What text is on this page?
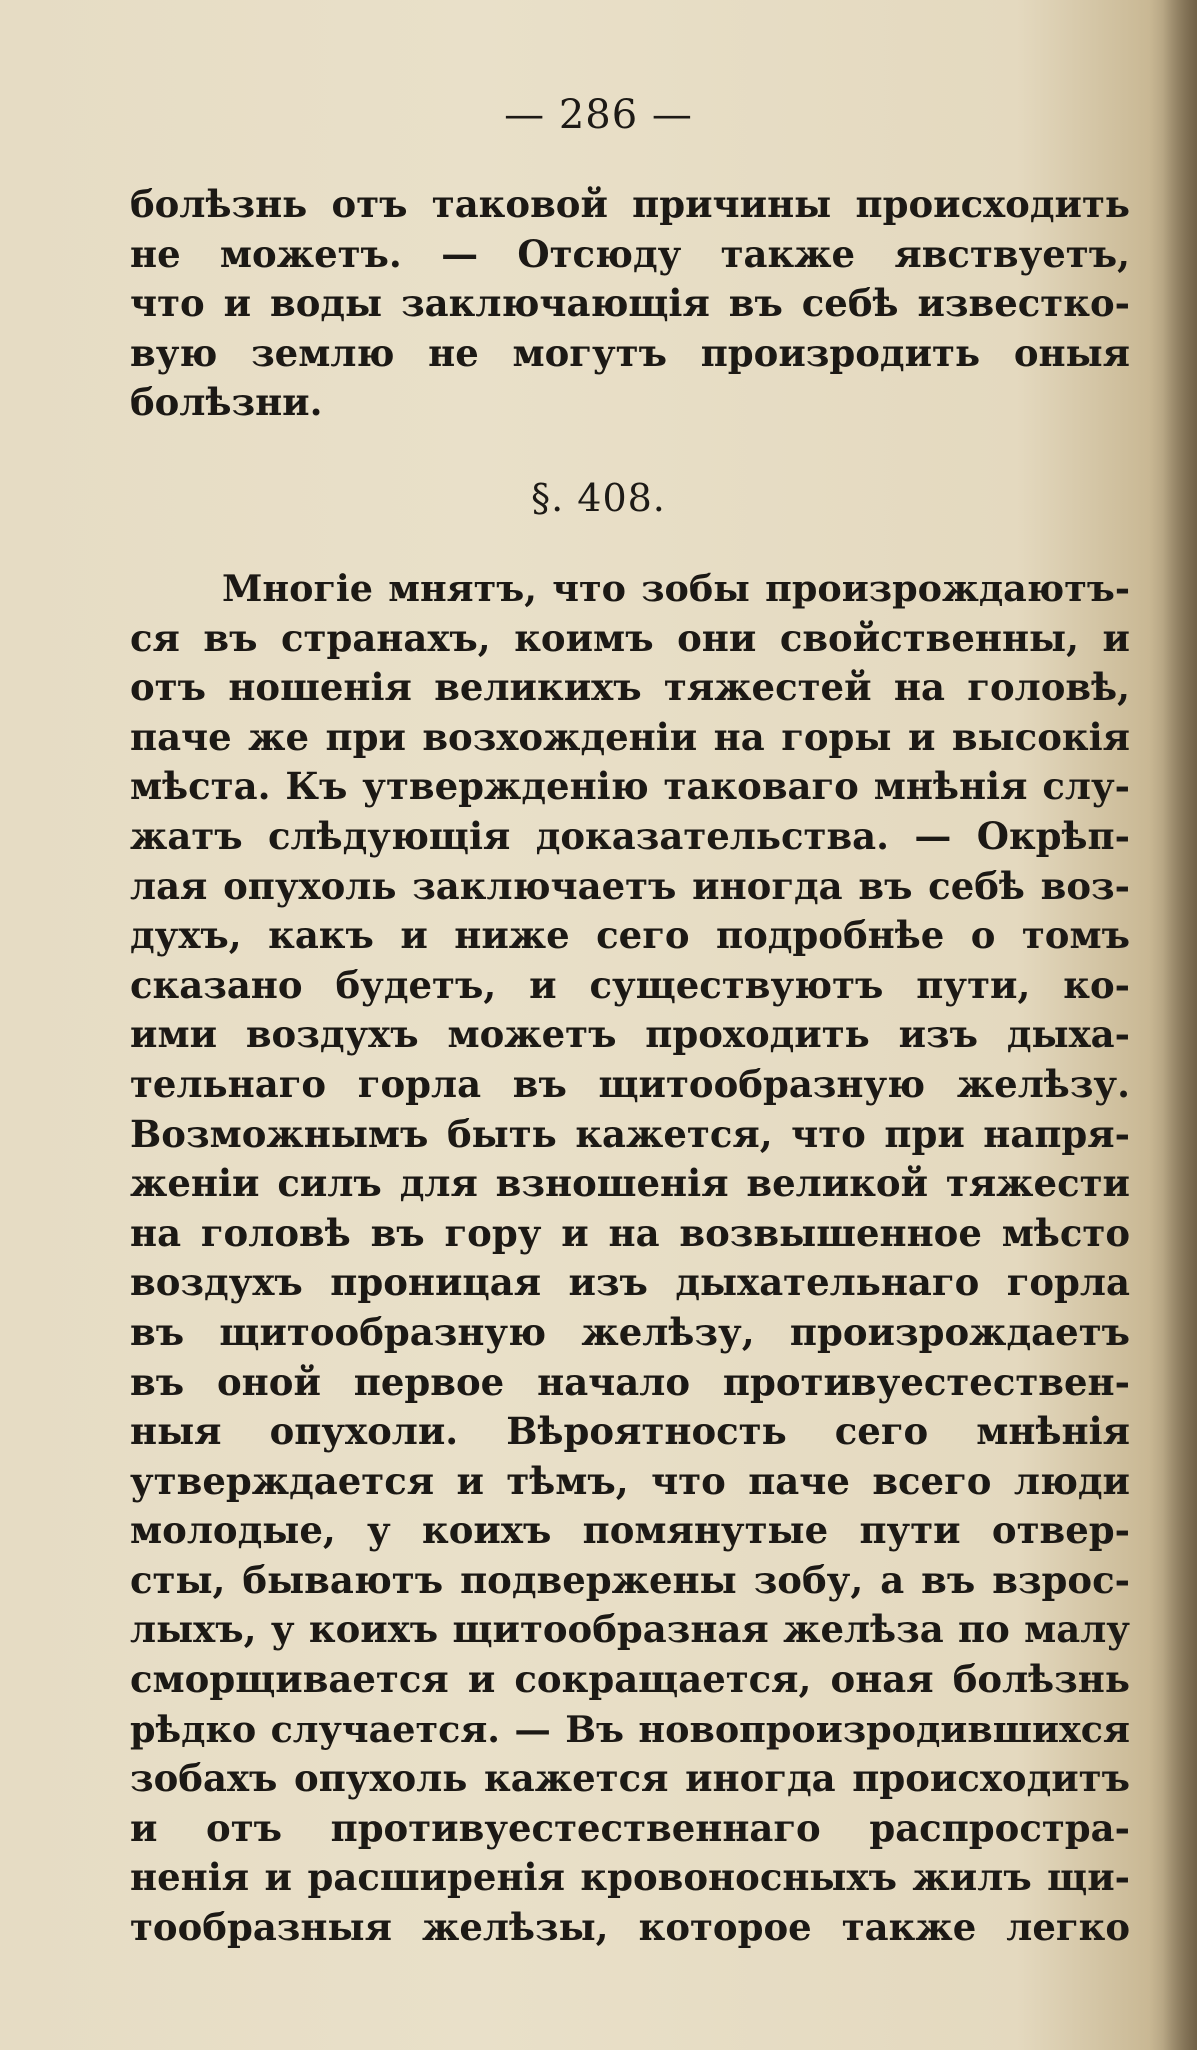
— 286 —
болѣзнь отъ таковой причины происходить
не можетъ. — Отсюду также явствуетъ,
что и воды заключающія въ себѣ известко-
вую землю не могутъ произродить оныя
болѣзни.
§. 408.
Многіе мнятъ, что зобы произрождаютъ-
ся въ странахъ, коимъ они свойственны, и
отъ ношенія великихъ тяжестей на головѣ,
паче же при возхожденіи на горы и высокія
мѣста. Къ утвержденію таковаго мнѣнія слу-
жатъ слѣдующія доказательства. — Окрѣп-
лая опухоль заключаетъ иногда въ себѣ воз-
духъ, какъ и ниже сего подробнѣе о томъ
сказано будетъ, и существуютъ пути, ко-
ими воздухъ можетъ проходить изъ дыха-
тельнаго горла въ щитообразную желѣзу.
Возможнымъ быть кажется, что при напря-
женіи силъ для взношенія великой тяжести
на головѣ въ гору и на возвышенное мѣсто
воздухъ проницая изъ дыхательнаго горла
въ щитообразную желѣзу, произрождаетъ
въ оной первое начало противуестествен-
ныя опухоли. Вѣроятность сего мнѣнія
утверждается и тѣмъ, что паче всего люди
молодые, у коихъ помянутые пути отвер-
сты, бываютъ подвержены зобу, а въ взрос-
лыхъ, у коихъ щитообразная желѣза по малу
сморщивается и сокращается, оная болѣзнь
рѣдко случается. — Въ новопроизродившихся
зобахъ опухоль кажется иногда происходитъ
и отъ противуестественнаго распростра-
ненія и расширенія кровоносныхъ жилъ щи-
тообразныя желѣзы, которое также легко
